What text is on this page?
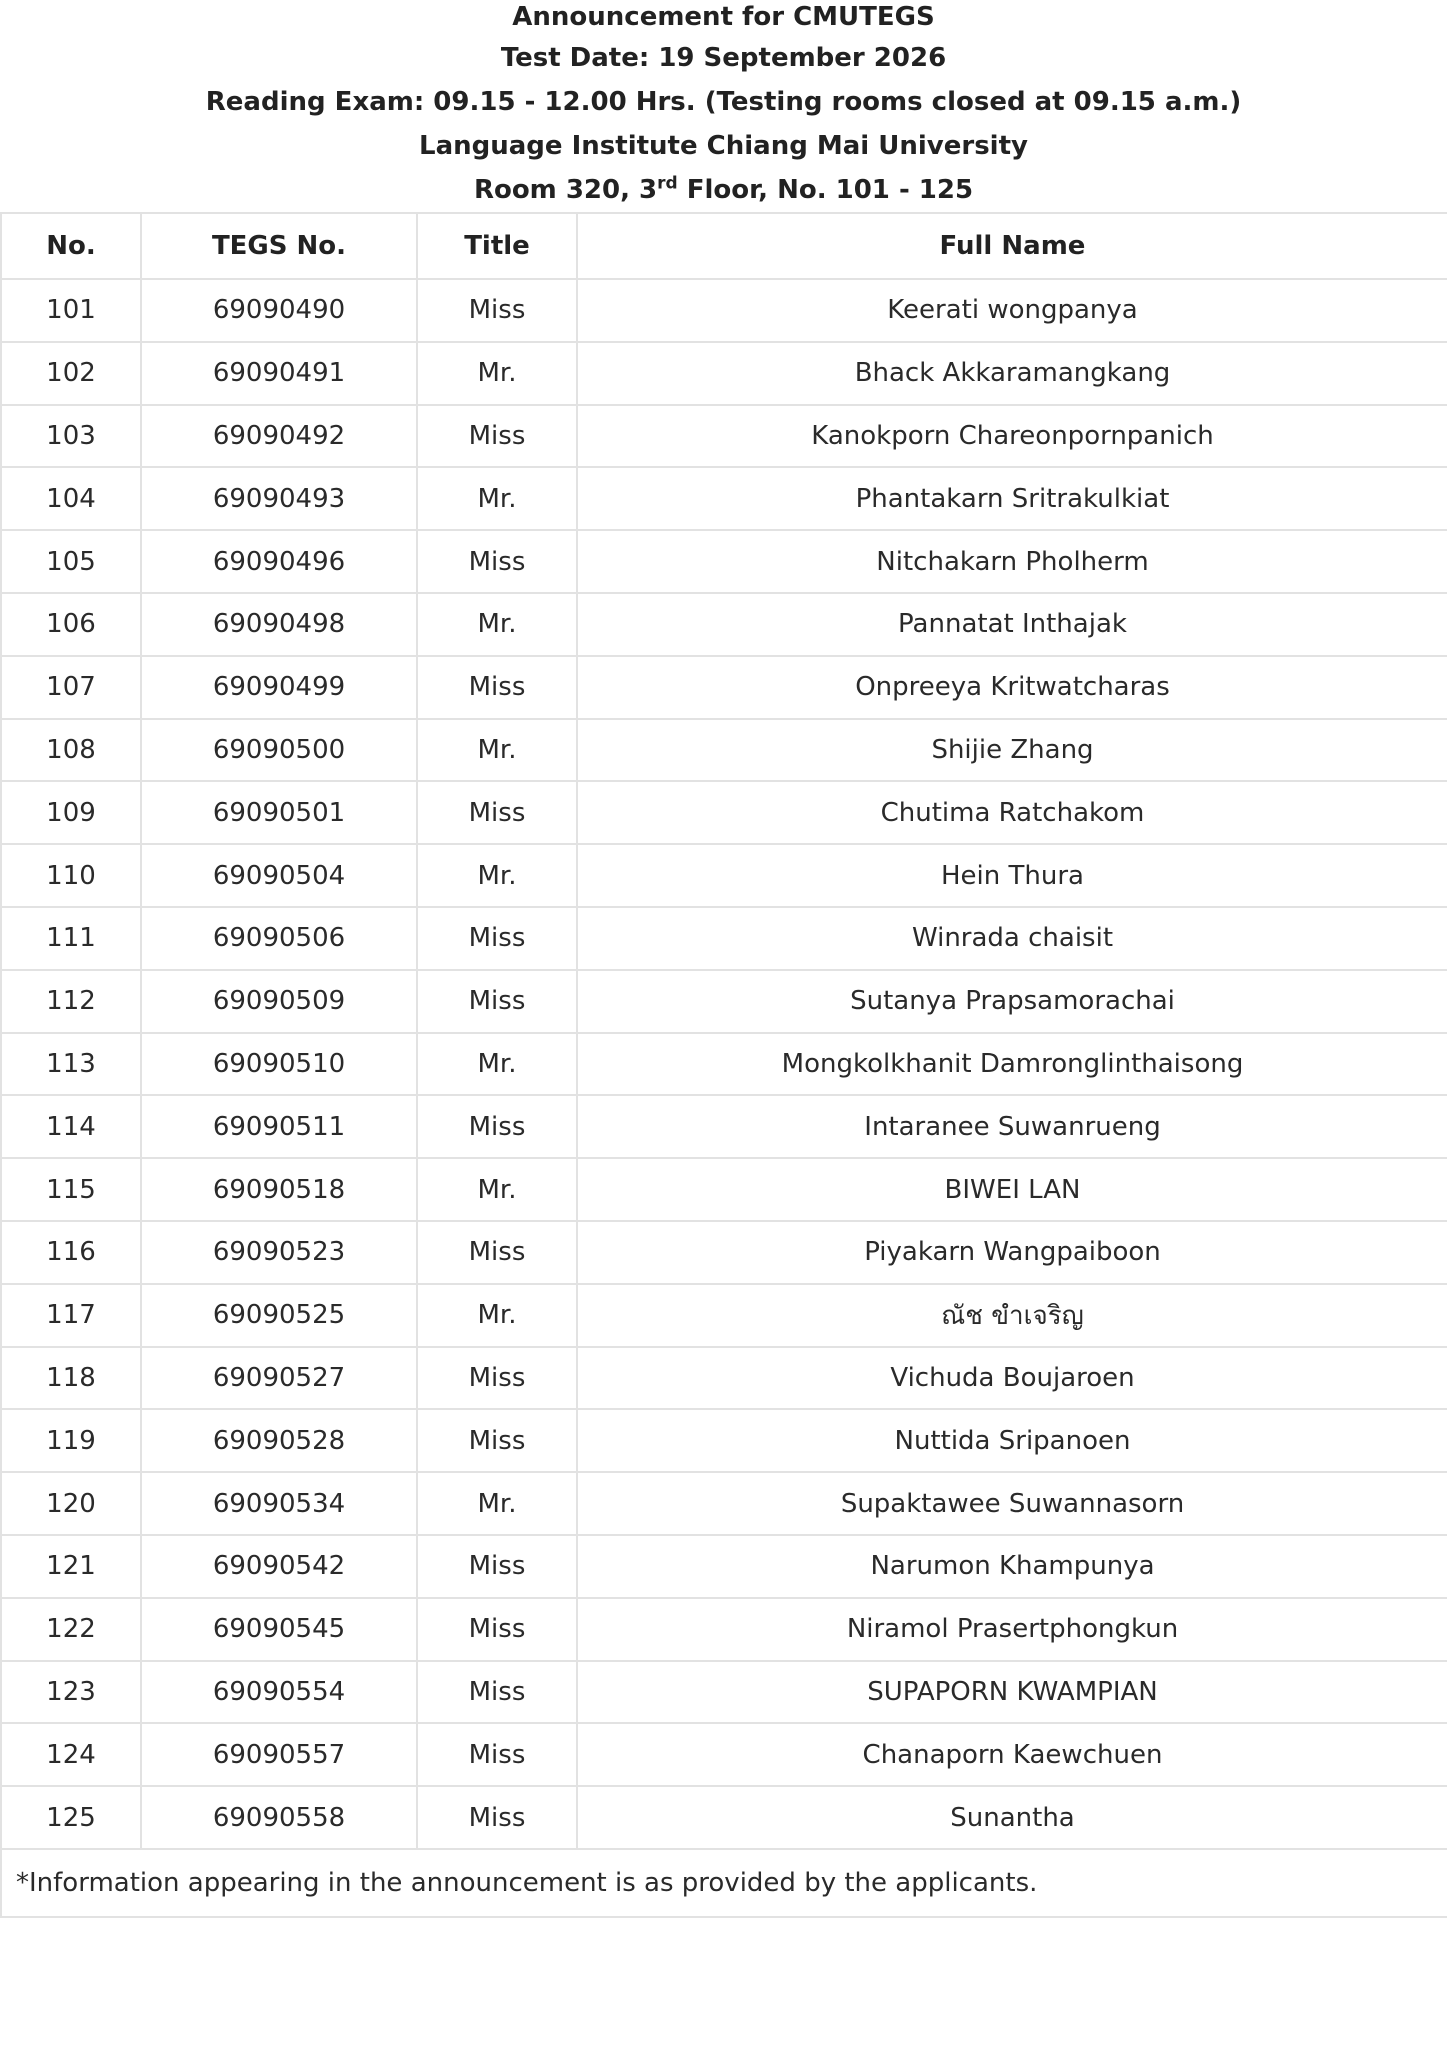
Announcement for CMUTEGS
Test Date: 19 September 2026
Reading Exam: 09.15 - 12.00 Hrs. (Testing rooms closed at 09.15 a.m.)
Language Institute Chiang Mai University
Room 320, 3rd Floor, No. 101 - 125
No.	TEGS No.	Title	Full Name
101	69090490	Miss	Keerati wongpanya
102	69090491	Mr.	Bhack Akkaramangkang
103	69090492	Miss	Kanokporn Chareonpornpanich
104	69090493	Mr.	Phantakarn Sritrakulkiat
105	69090496	Miss	Nitchakarn Pholherm
106	69090498	Mr.	Pannatat Inthajak
107	69090499	Miss	Onpreeya Kritwatcharas
108	69090500	Mr.	Shijie Zhang
109	69090501	Miss	Chutima Ratchakom
110	69090504	Mr.	Hein Thura
111	69090506	Miss	Winrada chaisit
112	69090509	Miss	Sutanya Prapsamorachai
113	69090510	Mr.	Mongkolkhanit Damronglinthaisong
114	69090511	Miss	Intaranee Suwanrueng
115	69090518	Mr.	BIWEI LAN
116	69090523	Miss	Piyakarn Wangpaiboon
117	69090525	Mr.	ณัช ขำเจริญ
118	69090527	Miss	Vichuda Boujaroen
119	69090528	Miss	Nuttida Sripanoen
120	69090534	Mr.	Supaktawee Suwannasorn
121	69090542	Miss	Narumon Khampunya
122	69090545	Miss	Niramol Prasertphongkun
123	69090554	Miss	SUPAPORN KWAMPIAN
124	69090557	Miss	Chanaporn Kaewchuen
125	69090558	Miss	Sunantha
*Information appearing in the announcement is as provided by the applicants.			
